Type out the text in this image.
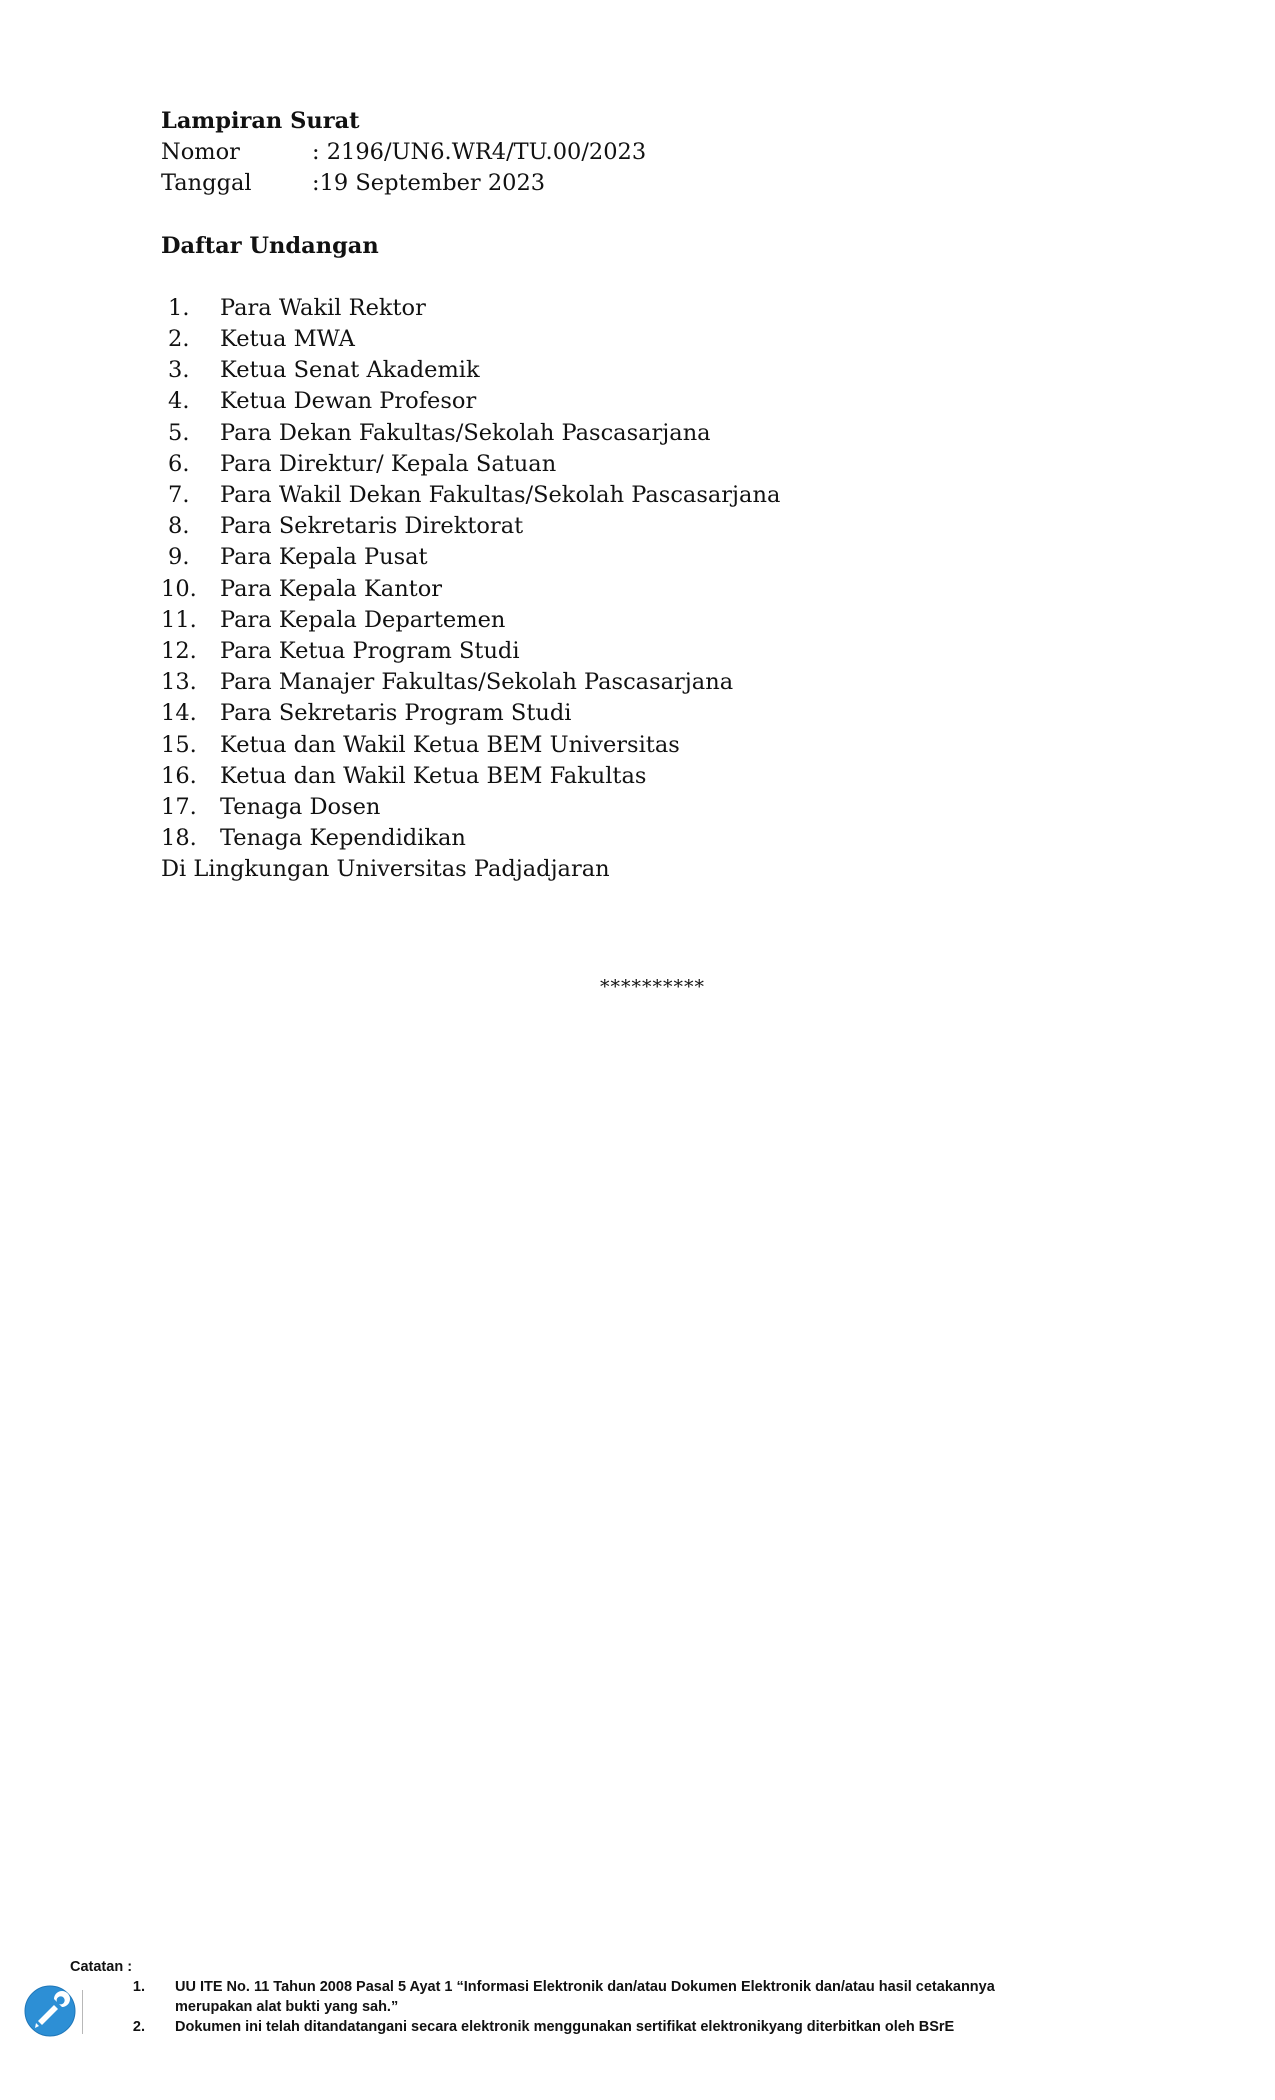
Lampiran Surat
Nomor	: 2196/UN6.WR4/TU.00/2023
Tanggal	:19 September 2023
Daftar Undangan
1.	Para Wakil Rektor
2.	Ketua MWA
3.	Ketua Senat Akademik
4.	Ketua Dewan Profesor
5.	Para Dekan Fakultas/Sekolah Pascasarjana
6.	Para Direktur/ Kepala Satuan
7.	Para Wakil Dekan Fakultas/Sekolah Pascasarjana
8.	Para Sekretaris Direktorat
9.	Para Kepala Pusat
10.	Para Kepala Kantor
11.	Para Kepala Departemen
12.	Para Ketua Program Studi
13.	Para Manajer Fakultas/Sekolah Pascasarjana
14.	Para Sekretaris Program Studi
15.	Ketua dan Wakil Ketua BEM Universitas
16.	Ketua dan Wakil Ketua BEM Fakultas
17.	Tenaga Dosen
18.	Tenaga Kependidikan
Di Lingkungan Universitas Padjadjaran
**********
Catatan :
1. UU ITE No. 11 Tahun 2008 Pasal 5 Ayat 1 “Informasi Elektronik dan/atau Dokumen Elektronik dan/atau hasil cetakannya merupakan alat bukti yang sah.”
2. Dokumen ini telah ditandatangani secara elektronik menggunakan sertifikat elektronikyang diterbitkan oleh BSrE
